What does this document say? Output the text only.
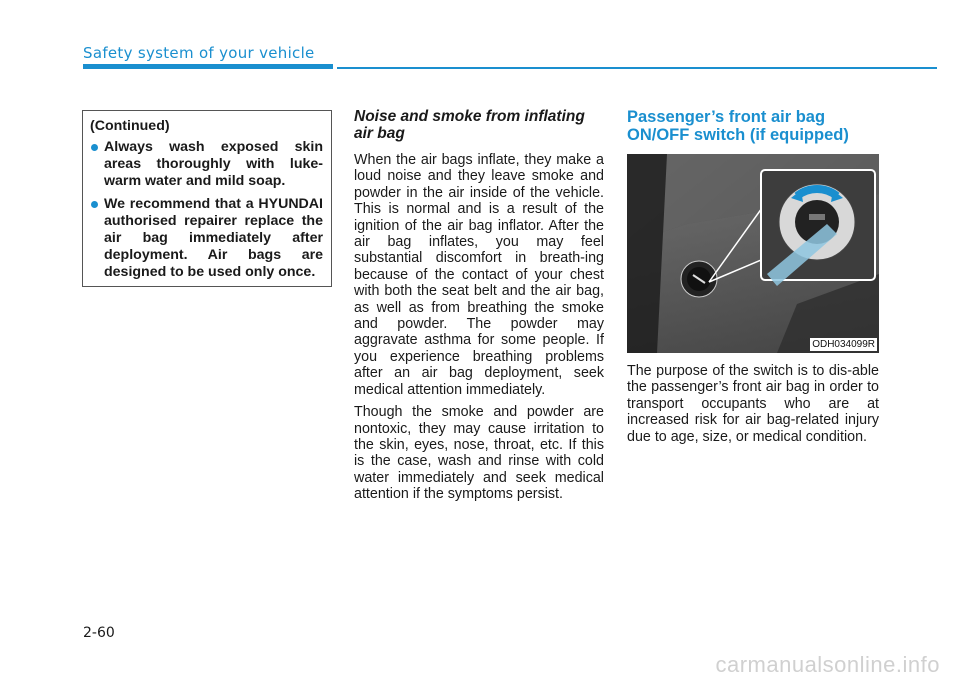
Safety system of your vehicle
(Continued)
Always wash exposed skin areas thoroughly with luke-warm water and mild soap.
We recommend that a HYUNDAI authorised repairer replace the air bag immediately after deployment. Air bags are designed to be used only once.
Noise and smoke from inflating air bag

When the air bags inflate, they make a loud noise and they leave smoke and powder in the air inside of the vehicle. This is normal and is a result of the ignition of the air bag inflator. After the air bag inflates, you may feel substantial discomfort in breath-ing because of the contact of your chest with both the seat belt and the air bag, as well as from breathing the smoke and powder. The powder may aggravate asthma for some people. If you experience breathing problems after an air bag deployment, seek medical attention immediately.

Though the smoke and powder are nontoxic, they may cause irritation to the skin, eyes, nose, throat, etc. If this is the case, wash and rinse with cold water immediately and seek medical attention if the symptoms persist.

Passenger’s front air bag ON/OFF switch (if equipped)
ODH034099R

The purpose of the switch is to dis-able the passenger’s front air bag in order to transport occupants who are at increased risk for air bag-related injury due to age, size, or medical condition.

2-60
carmanualsonline.info
